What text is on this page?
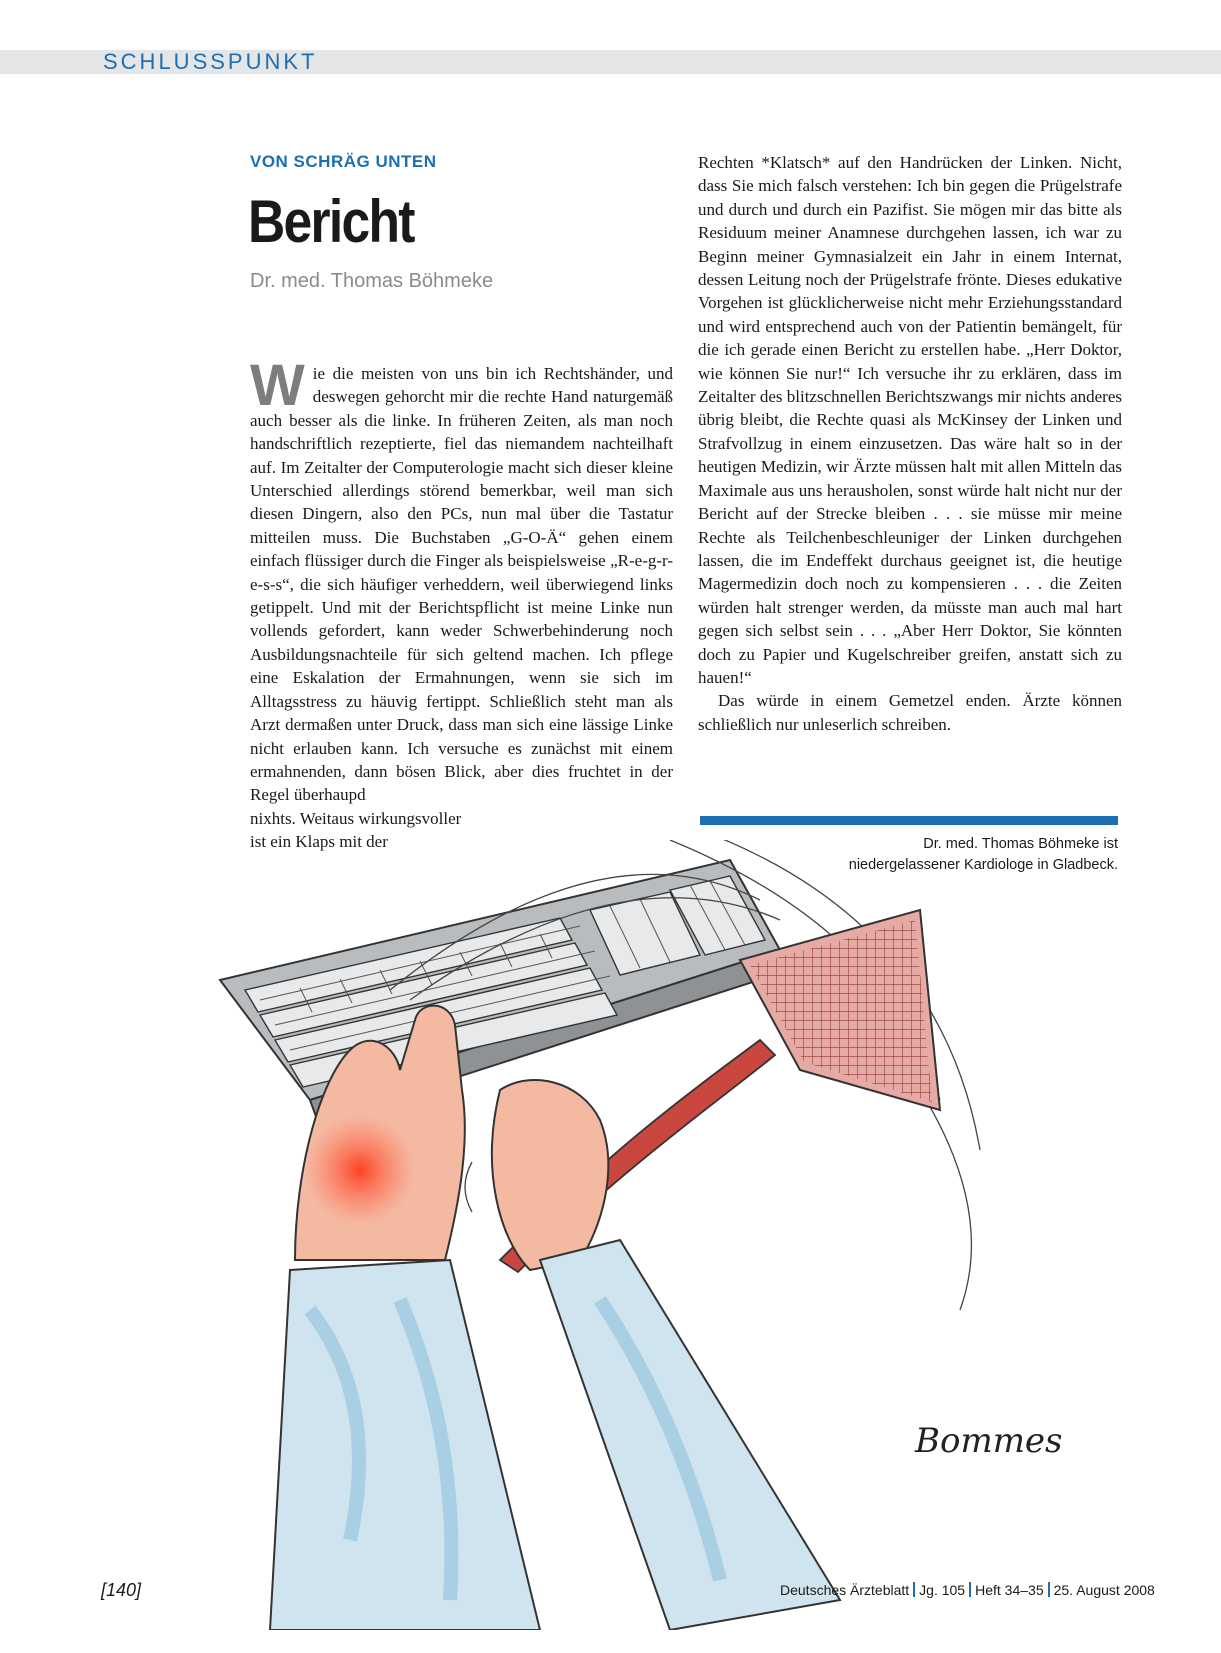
SCHLUSSPUNKT
VON SCHRÄG UNTEN
Bericht
Dr. med. Thomas Böhmeke

W ie die meisten von uns bin ich Rechtshänder, und deswegen gehorcht mir die rechte Hand naturgemäß auch besser als die linke. In früheren Zeiten, als man noch handschriftlich rezeptierte, fiel das niemandem nachteilhaft auf. Im Zeitalter der Computerologie macht sich dieser kleine Unterschied allerdings störend bemerkbar, weil man sich diesen Dingern, also den PCs, nun mal über die Tastatur mitteilen muss. Die Buchstaben „G-O-Ä“ gehen einem einfach flüssiger durch die Finger als beispielsweise „R-e-g-r-e-s-s“, die sich häufiger verheddern, weil überwiegend links getippelt. Und mit der Berichtspflicht ist meine Linke nun vollends gefordert, kann weder Schwerbehinderung noch Ausbildungsnachteile für sich geltend machen. Ich pflege eine Eskalation der Ermahnungen, wenn sie sich im Alltagsstress zu häuvig fertippt. Schließlich steht man als Arzt dermaßen unter Druck, dass man sich eine lässige Linke nicht erlauben kann. Ich versuche es zunächst mit einem ermahnenden, dann bösen Blick, aber dies fruchtet in der Regel überhaupd

nixhts. Weitaus wirkungsvoller
ist ein Klaps mit der

Rechten *Klatsch* auf den Handrücken der Linken. Nicht, dass Sie mich falsch verstehen: Ich bin gegen die Prügelstrafe und durch und durch ein Pazifist. Sie mögen mir das bitte als Residuum meiner Anamnese durchgehen lassen, ich war zu Beginn meiner Gymnasialzeit ein Jahr in einem Internat, dessen Leitung noch der Prügelstrafe frönte. Dieses edukative Vorgehen ist glücklicherweise nicht mehr Erziehungsstandard und wird entsprechend auch von der Patientin bemängelt, für die ich gerade einen Bericht zu erstellen habe. „Herr Doktor, wie können Sie nur!“ Ich versuche ihr zu erklären, dass im Zeitalter des blitzschnellen Berichtszwangs mir nichts anderes übrig bleibt, die Rechte quasi als McKinsey der Linken und Strafvollzug in einem einzusetzen. Das wäre halt so in der heutigen Medizin, wir Ärzte müssen halt mit allen Mitteln das Maximale aus uns herausholen, sonst würde halt nicht nur der Bericht auf der Strecke bleiben . . . sie müsse mir meine Rechte als Teilchenbeschleuniger der Linken durchgehen lassen, die im Endeffekt durchaus geeignet ist, die heutige Magermedizin doch noch zu kompensieren . . . die Zeiten würden halt strenger werden, da müsste man auch mal hart gegen sich selbst sein . . . „Aber Herr Doktor, Sie könnten doch zu Papier und Kugelschreiber greifen, anstatt sich zu hauen!“

Das würde in einem Gemetzel enden. Ärzte können schließlich nur unleserlich schreiben.

Dr. med. Thomas Böhmeke ist
niedergelassener Kardiologe in Gladbeck.
Bommes
[140]	Deutsches Ärzteblatt Jg. 105 Heft 34–35 25. August 2008
